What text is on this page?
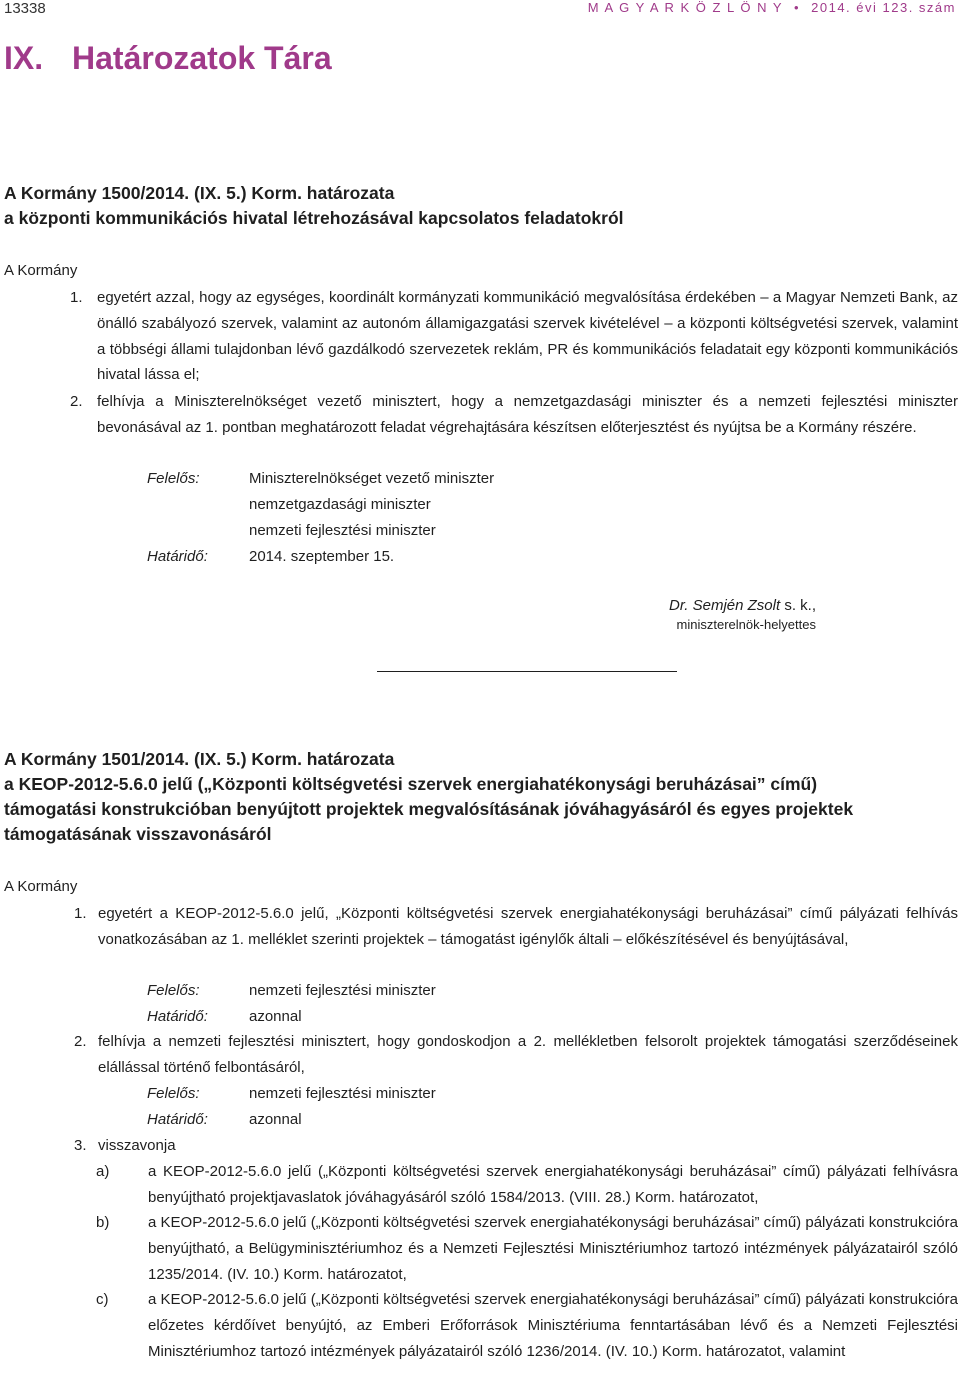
13338	M A G Y A R K Ö Z L Ö N Y • 2014. évi 123. szám
IX. Határozatok Tára
A Kormány 1500/2014. (IX. 5.) Korm. határozata
a központi kommunikációs hivatal létrehozásával kapcsolatos feladatokról
A Kormány
1. egyetért azzal, hogy az egységes, koordinált kormányzati kommunikáció megvalósítása érdekében – a Magyar Nemzeti Bank, az önálló szabályozó szervek, valamint az autonóm államigazgatási szervek kivételével – a központi költségvetési szervek, valamint a többségi állami tulajdonban lévő gazdálkodó szervezetek reklám, PR és kommunikációs feladatait egy központi kommunikációs hivatal lássa el;
2. felhívja a Miniszterelnökséget vezető minisztert, hogy a nemzetgazdasági miniszter és a nemzeti fejlesztési miniszter bevonásával az 1. pontban meghatározott feladat végrehajtására készítsen előterjesztést és nyújtsa be a Kormány részére.
Felelős:	Miniszterelnökséget vezető miniszter
nemzetgazdasági miniszter
nemzeti fejlesztési miniszter
Határidő:	2014. szeptember 15.
Dr. Semjén Zsolt s. k.,
miniszterelnök-helyettes
A Kormány 1501/2014. (IX. 5.) Korm. határozata
a KEOP-2012-5.6.0 jelű („Központi költségvetési szervek energiahatékonysági beruházásai” című)
támogatási konstrukcióban benyújtott projektek megvalósításának jóváhagyásáról és egyes projektek
támogatásának visszavonásáról
A Kormány
1. egyetért a KEOP-2012-5.6.0 jelű, „Központi költségvetési szervek energiahatékonysági beruházásai” című pályázati felhívás vonatkozásában az 1. melléklet szerinti projektek – támogatást igénylők általi – előkészítésével és benyújtásával,
Felelős:	nemzeti fejlesztési miniszter
Határidő:	azonnal
2. felhívja a nemzeti fejlesztési minisztert, hogy gondoskodjon a 2. mellékletben felsorolt projektek támogatási szerződéseinek elállással történő felbontásáról,
Felelős:	nemzeti fejlesztési miniszter
Határidő:	azonnal
3. visszavonja
a)	a KEOP-2012-5.6.0 jelű („Központi költségvetési szervek energiahatékonysági beruházásai” című) pályázati felhívásra benyújtható projektjavaslatok jóváhagyásáról szóló 1584/2013. (VIII. 28.) Korm. határozatot,
b)	a KEOP-2012-5.6.0 jelű („Központi költségvetési szervek energiahatékonysági beruházásai” című) pályázati konstrukcióra benyújtható, a Belügyminisztériumhoz és a Nemzeti Fejlesztési Minisztériumhoz tartozó intézmények pályázatairól szóló 1235/2014. (IV. 10.) Korm. határozatot,
c)	a KEOP-2012-5.6.0 jelű („Központi költségvetési szervek energiahatékonysági beruházásai” című) pályázati konstrukcióra előzetes kérdőívet benyújtó, az Emberi Erőforrások Minisztériuma fenntartásában lévő és a Nemzeti Fejlesztési Minisztériumhoz tartozó intézmények pályázatairól szóló 1236/2014. (IV. 10.) Korm. határozatot, valamint
